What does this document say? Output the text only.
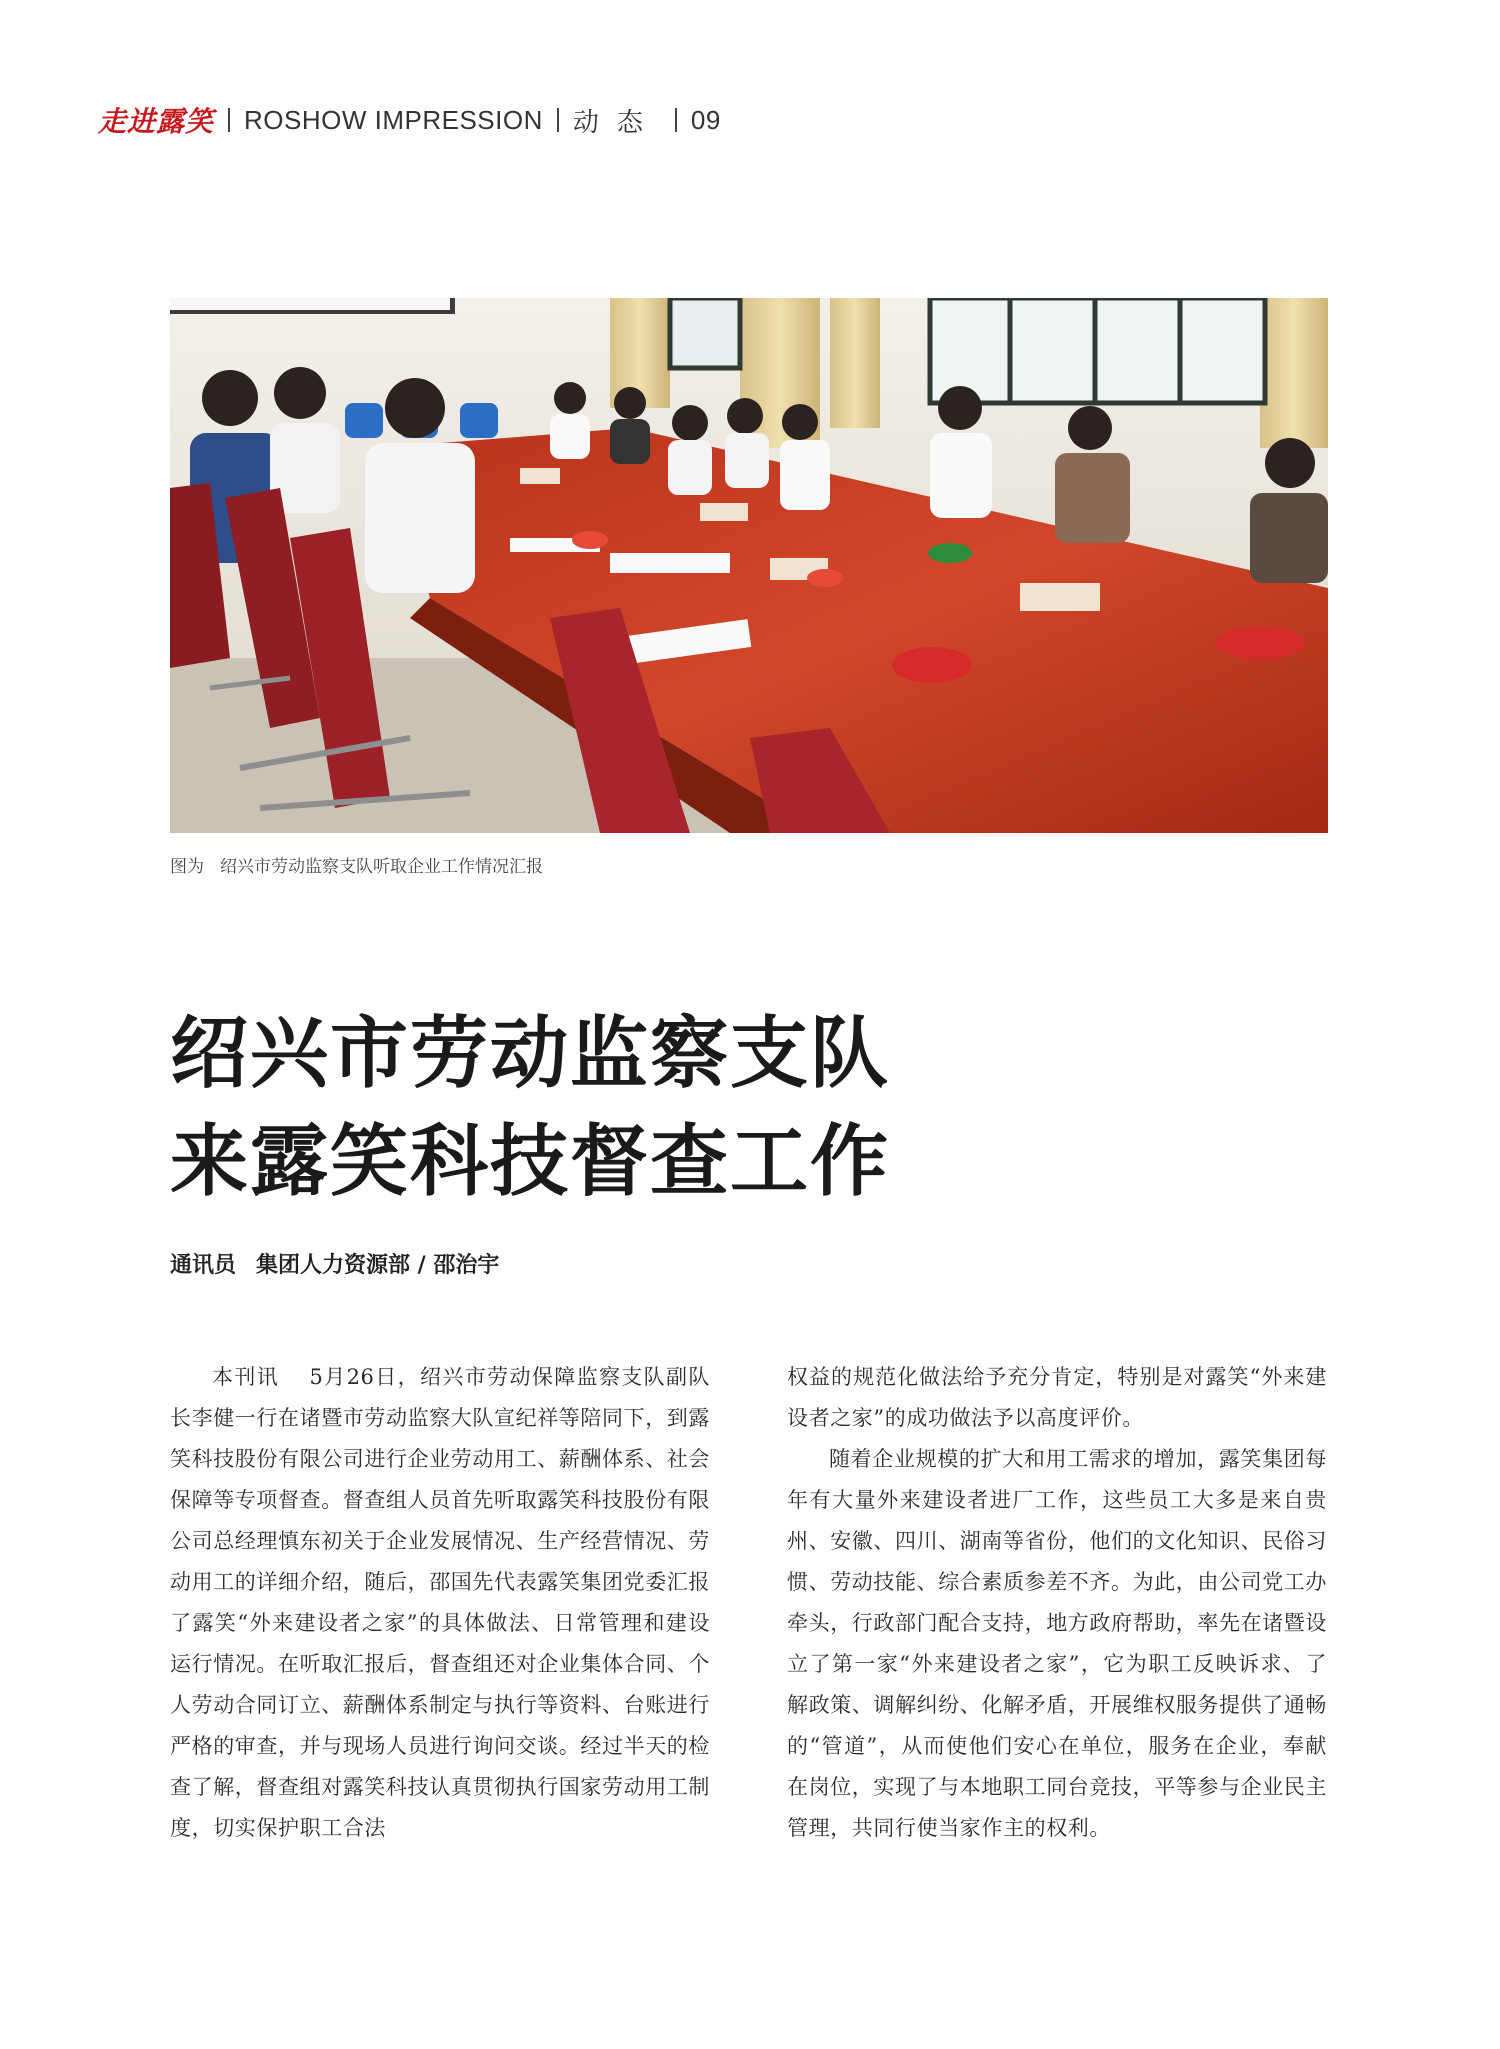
走进露笑 ROSHOW IMPRESSION 动态 09
图为 绍兴市劳动监察支队听取企业工作情况汇报
绍兴市劳动监察支队
来露笑科技督查工作
通讯员 集团人力资源部 / 邵治宇

本刊讯　 5月26日，绍兴市劳动保障监察支队副队长李健一行在诸暨市劳动监察大队宣纪祥等陪同下，到露笑科技股份有限公司进行企业劳动用工、薪酬体系、社会保障等专项督查。督查组人员首先听取露笑科技股份有限公司总经理慎东初关于企业发展情况、生产经营情况、劳动用工的详细介绍，随后，邵国先代表露笑集团党委汇报了露笑“外来建设者之家”的具体做法、日常管理和建设运行情况。在听取汇报后，督查组还对企业集体合同、个人劳动合同订立、薪酬体系制定与执行等资料、台账进行严格的审查，并与现场人员进行询问交谈。经过半天的检查了解，督查组对露笑科技认真贯彻执行国家劳动用工制度，切实保护职工合法

权益的规范化做法给予充分肯定，特别是对露笑“外来建设者之家”的成功做法予以高度评价。

随着企业规模的扩大和用工需求的增加，露笑集团每年有大量外来建设者进厂工作，这些员工大多是来自贵州、安徽、四川、湖南等省份，他们的文化知识、民俗习惯、劳动技能、综合素质参差不齐。为此，由公司党工办牵头，行政部门配合支持，地方政府帮助，率先在诸暨设立了第一家“外来建设者之家”，它为职工反映诉求、了解政策、调解纠纷、化解矛盾，开展维权服务提供了通畅的“管道”，从而使他们安心在单位，服务在企业，奉献在岗位，实现了与本地职工同台竞技，平等参与企业民主管理，共同行使当家作主的权利。
